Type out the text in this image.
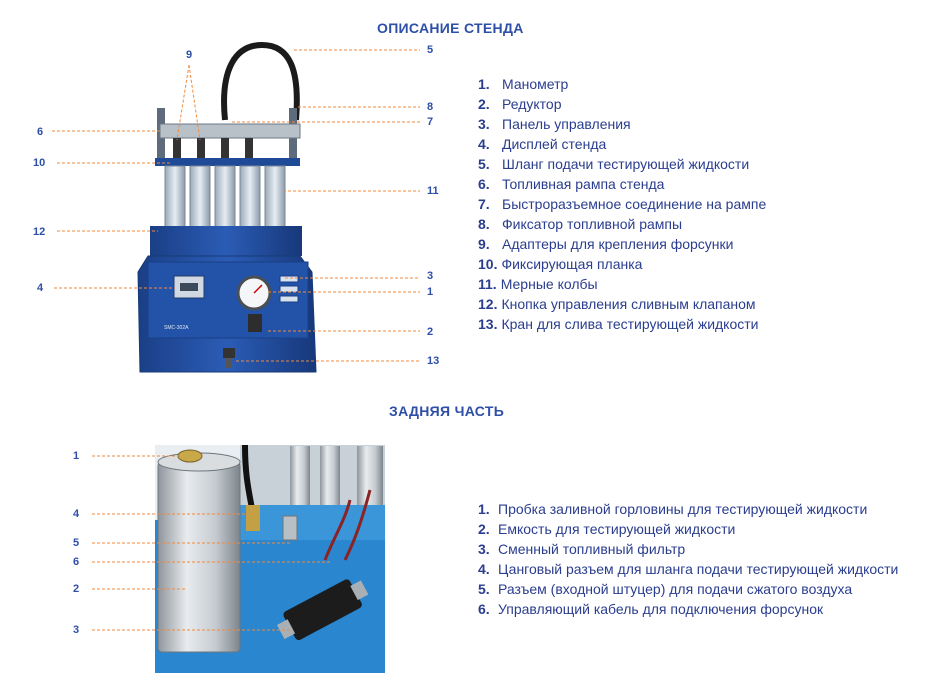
ОПИСАНИЕ СТЕНДА
ЗАДНЯЯ ЧАСТЬ
1. Манометр
2. Редуктор
3. Панель управления
4. Дисплей стенда
5. Шланг подачи тестирующей жидкости
6. Топливная рампа стенда
7. Быстроразъемное соединение на рампе
8. Фиксатор топливной рампы
9. Адаптеры для крепления форсунки
10. Фиксирующая планка
11. Мерные колбы
12. Кнопка управления сливным клапаном
13. Кран для слива тестирующей жидкости
1. Пробка заливной горловины для тестирующей жидкости
2. Емкость для тестирующей жидкости
3. Сменный топливный фильтр
4. Цанговый разъем для шланга подачи тестирующей жидкости
5. Разъем (входной штуцер) для подачи сжатого воздуха
6. Управляющий кабель для подключения форсунок
SMC-302A
5
9
6
8
7
10
11
12
3
4	1
2
13
1
4
5
6
2
3
